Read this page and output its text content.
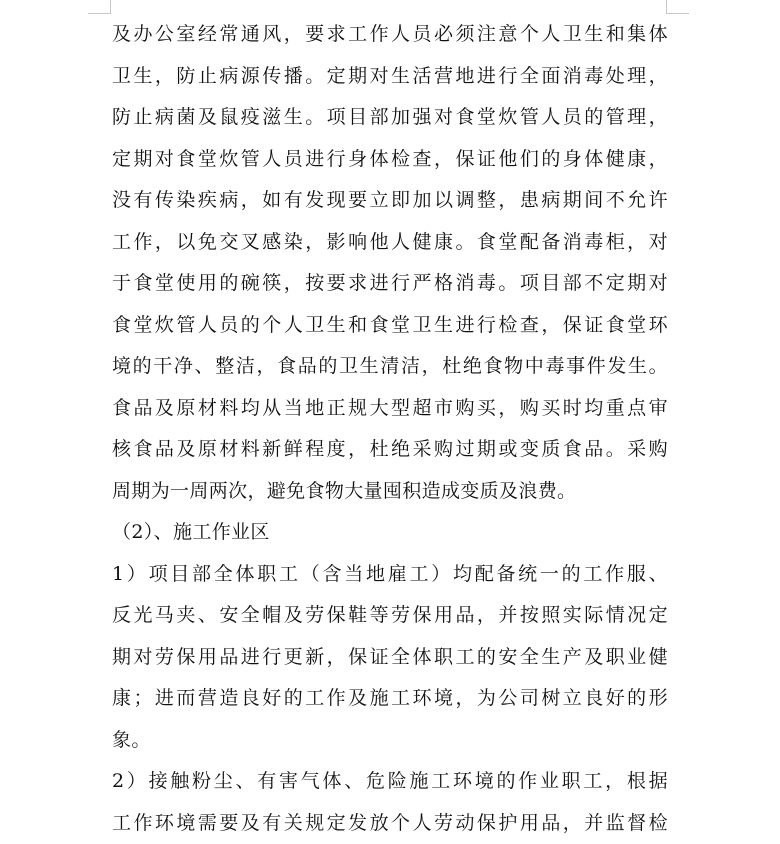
及办公室经常通风，要求工作人员必须注意个人卫生和集体
卫生，防止病源传播。定期对生活营地进行全面消毒处理，
防止病菌及鼠疫滋生。项目部加强对食堂炊管人员的管理，
定期对食堂炊管人员进行身体检查，保证他们的身体健康，
没有传染疾病，如有发现要立即加以调整，患病期间不允许
工作，以免交叉感染，影响他人健康。食堂配备消毒柜，对
于食堂使用的碗筷，按要求进行严格消毒。项目部不定期对
食堂炊管人员的个人卫生和食堂卫生进行检查，保证食堂环
境的干净、整洁，食品的卫生清洁，杜绝食物中毒事件发生。
食品及原材料均从当地正规大型超市购买，购买时均重点审
核食品及原材料新鲜程度，杜绝采购过期或变质食品。采购
周期为一周两次，避免食物大量囤积造成变质及浪费。
（2）、施工作业区
1）项目部全体职工（含当地雇工）均配备统一的工作服、
反光马夹、安全帽及劳保鞋等劳保用品，并按照实际情况定
期对劳保用品进行更新，保证全体职工的安全生产及职业健
康；进而营造良好的工作及施工环境，为公司树立良好的形
象。
2）接触粉尘、有害气体、危险施工环境的作业职工，根据
工作环境需要及有关规定发放个人劳动保护用品，并监督检
